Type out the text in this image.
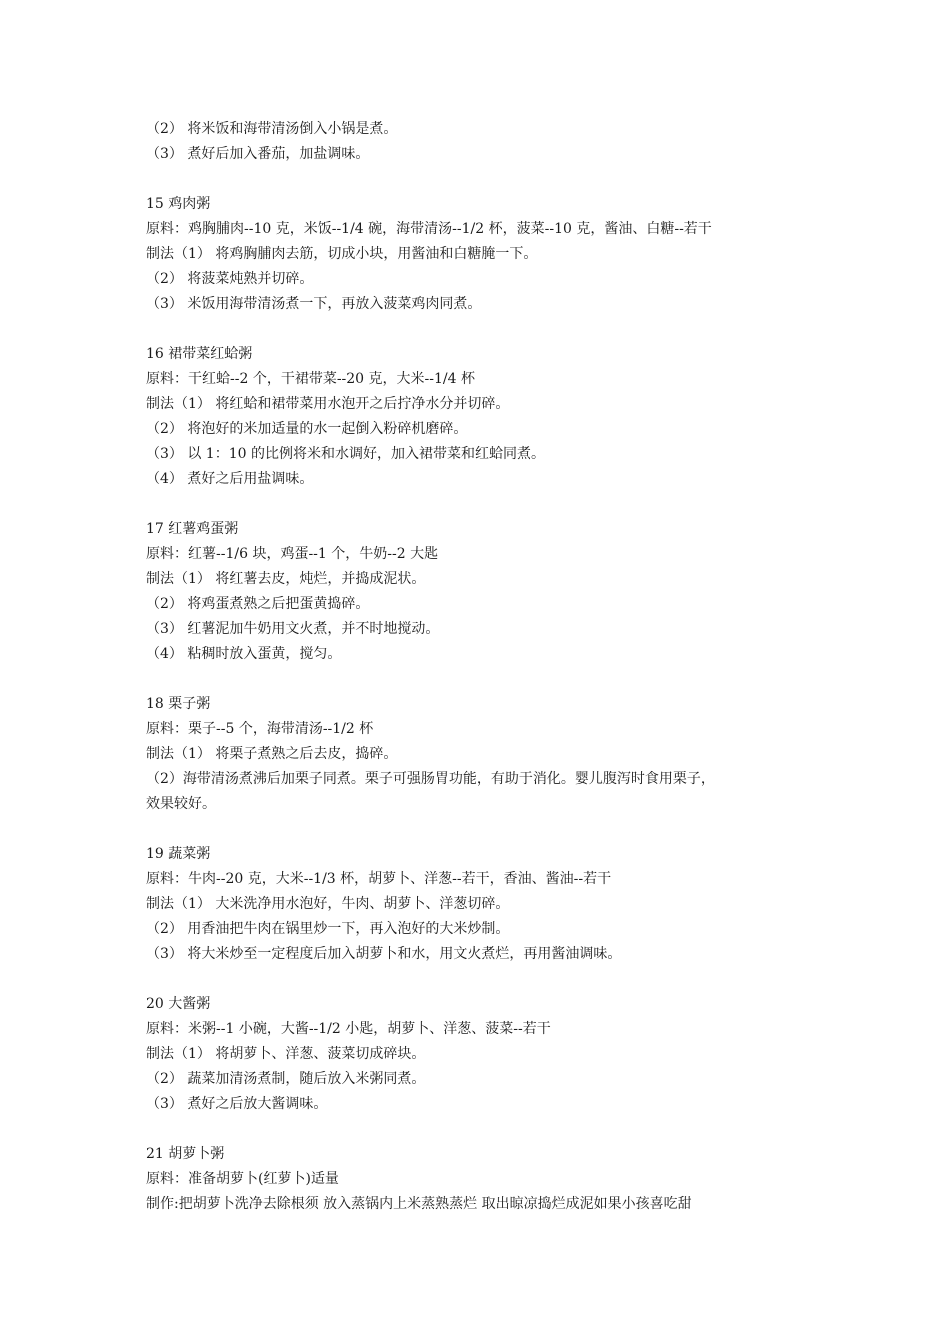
（2） 将米饭和海带清汤倒入小锅是煮。

（3） 煮好后加入番茄，加盐调味。

15 鸡肉粥

原料：鸡胸脯肉--10 克，米饭--1/4 碗，海带清汤--1/2 杯，菠菜--10 克，酱油、白糖--若干

制法（1） 将鸡胸脯肉去筋，切成小块，用酱油和白糖腌一下。

（2） 将菠菜炖熟并切碎。

（3） 米饭用海带清汤煮一下，再放入菠菜鸡肉同煮。

16 裙带菜红蛤粥

原料：干红蛤--2 个，干裙带菜--20 克，大米--1/4 杯

制法（1） 将红蛤和裙带菜用水泡开之后拧净水分并切碎。

（2） 将泡好的米加适量的水一起倒入粉碎机磨碎。

（3） 以 1：10 的比例将米和水调好，加入裙带菜和红蛤同煮。

（4） 煮好之后用盐调味。

17 红薯鸡蛋粥

原料：红薯--1/6 块，鸡蛋--1 个，牛奶--2 大匙

制法（1） 将红薯去皮，炖烂，并捣成泥状。

（2） 将鸡蛋煮熟之后把蛋黄捣碎。

（3） 红薯泥加牛奶用文火煮，并不时地搅动。

（4） 粘稠时放入蛋黄，搅匀。

18 栗子粥

原料：栗子--5 个，海带清汤--1/2 杯

制法（1） 将栗子煮熟之后去皮，捣碎。

（2）海带清汤煮沸后加栗子同煮。栗子可强肠胃功能，有助于消化。婴儿腹泻时食用栗子，

效果较好。

19 蔬菜粥

原料：牛肉--20 克，大米--1/3 杯，胡萝卜、洋葱--若干，香油、酱油--若干

制法（1） 大米洗净用水泡好，牛肉、胡萝卜、洋葱切碎。

（2） 用香油把牛肉在锅里炒一下，再入泡好的大米炒制。

（3） 将大米炒至一定程度后加入胡萝卜和水，用文火煮烂，再用酱油调味。

20 大酱粥

原料：米粥--1 小碗，大酱--1/2 小匙，胡萝卜、洋葱、菠菜--若干

制法（1） 将胡萝卜、洋葱、菠菜切成碎块。

（2） 蔬菜加清汤煮制，随后放入米粥同煮。

（3） 煮好之后放大酱调味。

21 胡萝卜粥

原料：准备胡萝卜(红萝卜)适量

制作:把胡萝卜洗净去除根须 放入蒸锅内上米蒸熟蒸烂 取出晾凉捣烂成泥如果小孩喜吃甜
